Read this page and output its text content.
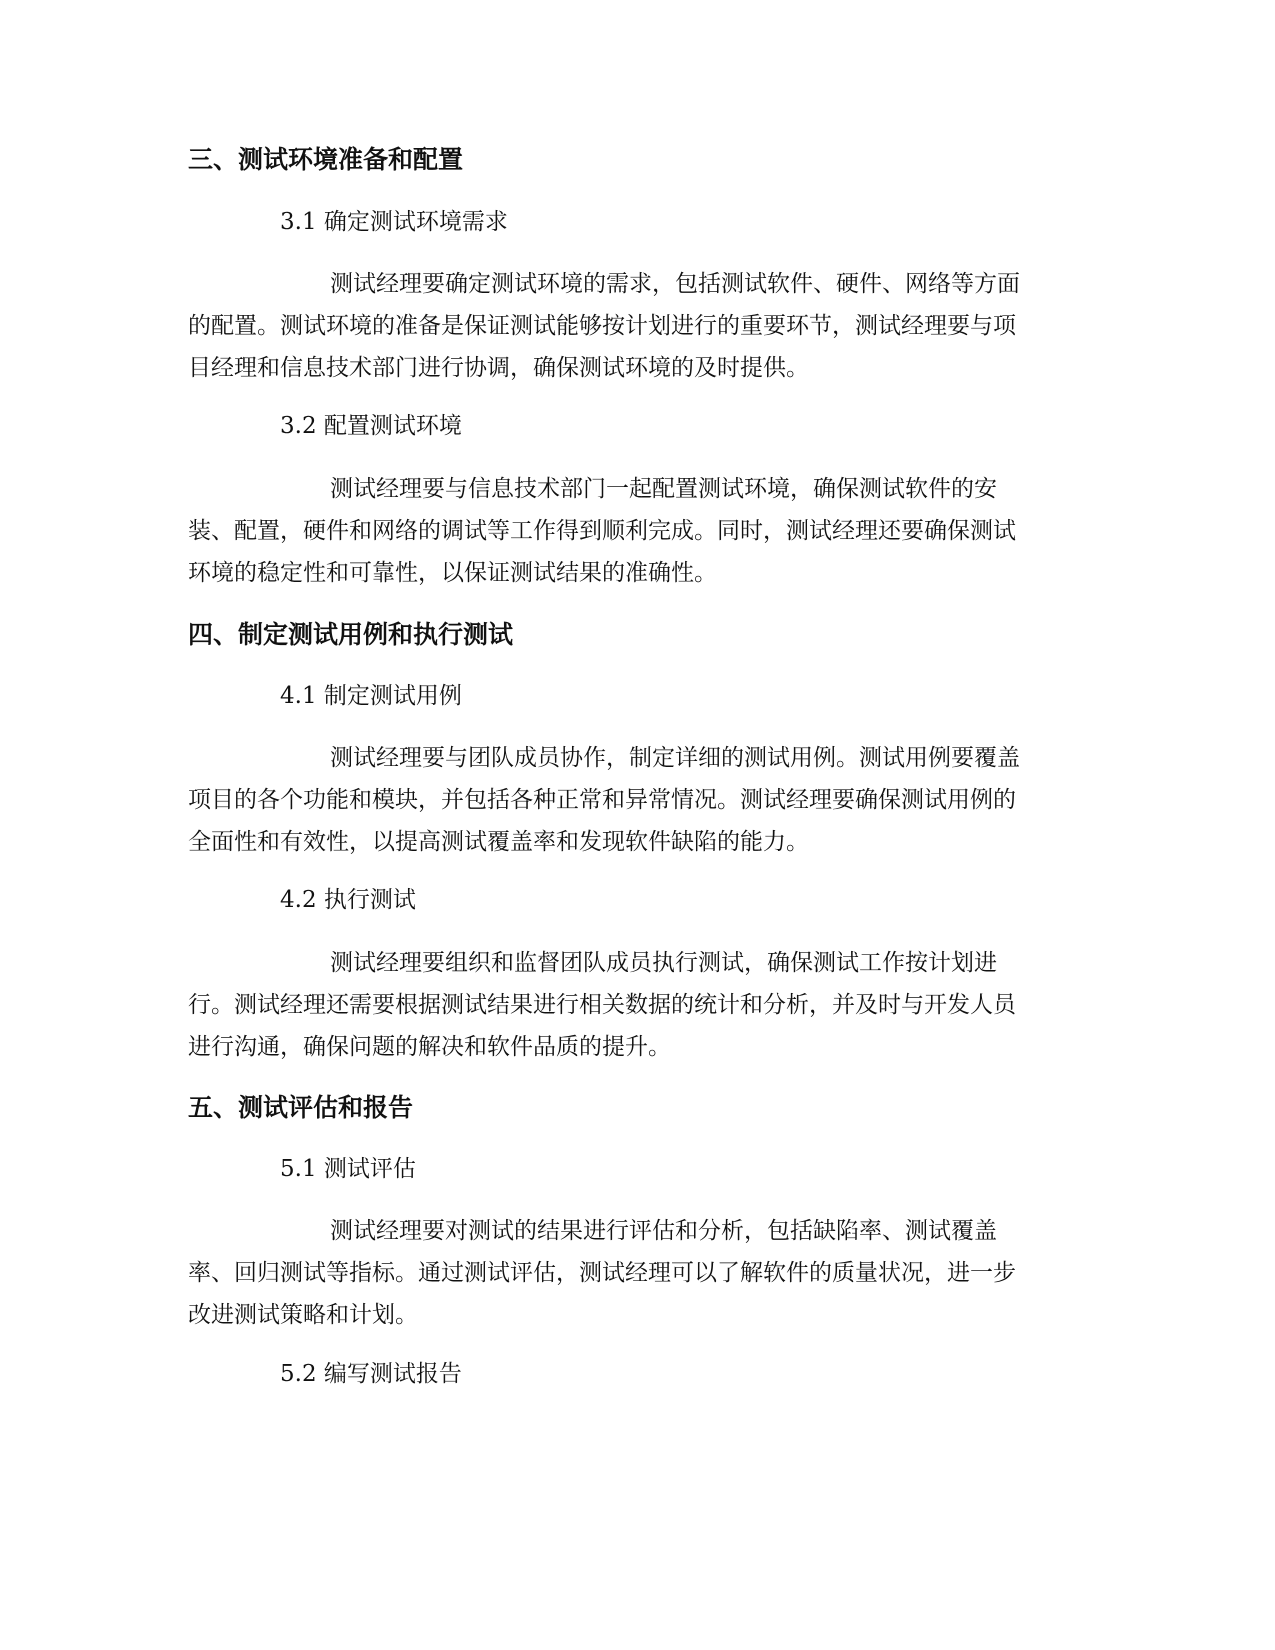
三、测试环境准备和配置
3.1 确定测试环境需求
测试经理要确定测试环境的需求，包括测试软件、硬件、网络等方面
的配置。测试环境的准备是保证测试能够按计划进行的重要环节，测试经理要与项
目经理和信息技术部门进行协调，确保测试环境的及时提供。
3.2 配置测试环境
测试经理要与信息技术部门一起配置测试环境，确保测试软件的安
装、配置，硬件和网络的调试等工作得到顺利完成。同时，测试经理还要确保测试
环境的稳定性和可靠性，以保证测试结果的准确性。
四、制定测试用例和执行测试
4.1 制定测试用例
测试经理要与团队成员协作，制定详细的测试用例。测试用例要覆盖
项目的各个功能和模块，并包括各种正常和异常情况。测试经理要确保测试用例的
全面性和有效性，以提高测试覆盖率和发现软件缺陷的能力。
4.2 执行测试
测试经理要组织和监督团队成员执行测试，确保测试工作按计划进
行。测试经理还需要根据测试结果进行相关数据的统计和分析，并及时与开发人员
进行沟通，确保问题的解决和软件品质的提升。
五、测试评估和报告
5.1 测试评估
测试经理要对测试的结果进行评估和分析，包括缺陷率、测试覆盖
率、回归测试等指标。通过测试评估，测试经理可以了解软件的质量状况，进一步
改进测试策略和计划。
5.2 编写测试报告
